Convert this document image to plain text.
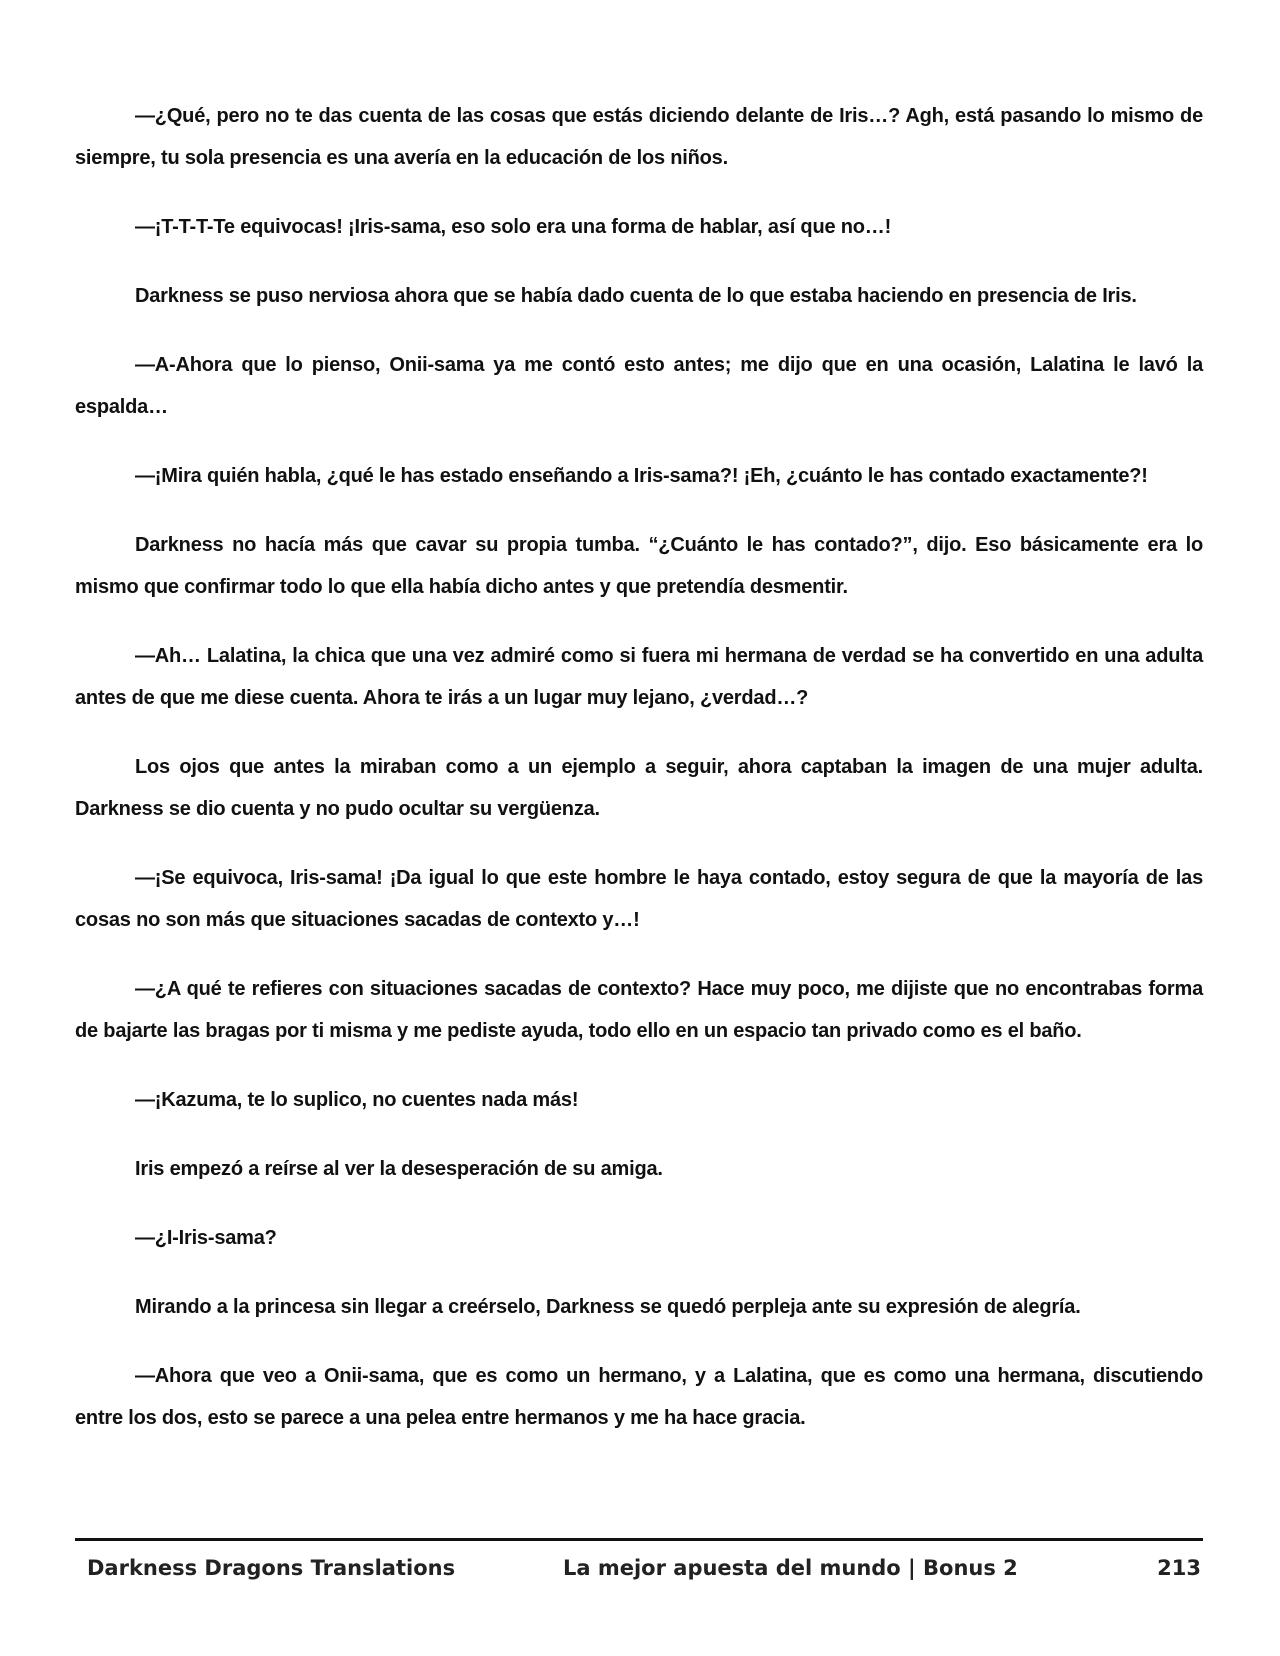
—¿Qué, pero no te das cuenta de las cosas que estás diciendo delante de Iris…? Agh, está pasando lo mismo de siempre, tu sola presencia es una avería en la educación de los niños.

—¡T-T-T-Te equivocas! ¡Iris-sama, eso solo era una forma de hablar, así que no…!

Darkness se puso nerviosa ahora que se había dado cuenta de lo que estaba haciendo en presencia de Iris.

—A-Ahora que lo pienso, Onii-sama ya me contó esto antes; me dijo que en una ocasión, Lalatina le lavó la espalda…

—¡Mira quién habla, ¿qué le has estado enseñando a Iris-sama?! ¡Eh, ¿cuánto le has contado exactamente?!

Darkness no hacía más que cavar su propia tumba. “¿Cuánto le has contado?”, dijo. Eso básicamente era lo mismo que confirmar todo lo que ella había dicho antes y que pretendía desmentir.

—Ah… Lalatina, la chica que una vez admiré como si fuera mi hermana de verdad se ha convertido en una adulta antes de que me diese cuenta. Ahora te irás a un lugar muy lejano, ¿verdad…?

Los ojos que antes la miraban como a un ejemplo a seguir, ahora captaban la imagen de una mujer adulta. Darkness se dio cuenta y no pudo ocultar su vergüenza.

—¡Se equivoca, Iris-sama! ¡Da igual lo que este hombre le haya contado, estoy segura de que la mayoría de las cosas no son más que situaciones sacadas de contexto y…!

—¿A qué te refieres con situaciones sacadas de contexto? Hace muy poco, me dijiste que no encontrabas forma de bajarte las bragas por ti misma y me pediste ayuda, todo ello en un espacio tan privado como es el baño.

—¡Kazuma, te lo suplico, no cuentes nada más!

Iris empezó a reírse al ver la desesperación de su amiga.

—¿I-Iris-sama?

Mirando a la princesa sin llegar a creérselo, Darkness se quedó perpleja ante su expresión de alegría.

—Ahora que veo a Onii-sama, que es como un hermano, y a Lalatina, que es como una hermana, discutiendo entre los dos, esto se parece a una pelea entre hermanos y me ha hace gracia.

Darkness Dragons Translations	La mejor apuesta del mundo | Bonus 2	213
